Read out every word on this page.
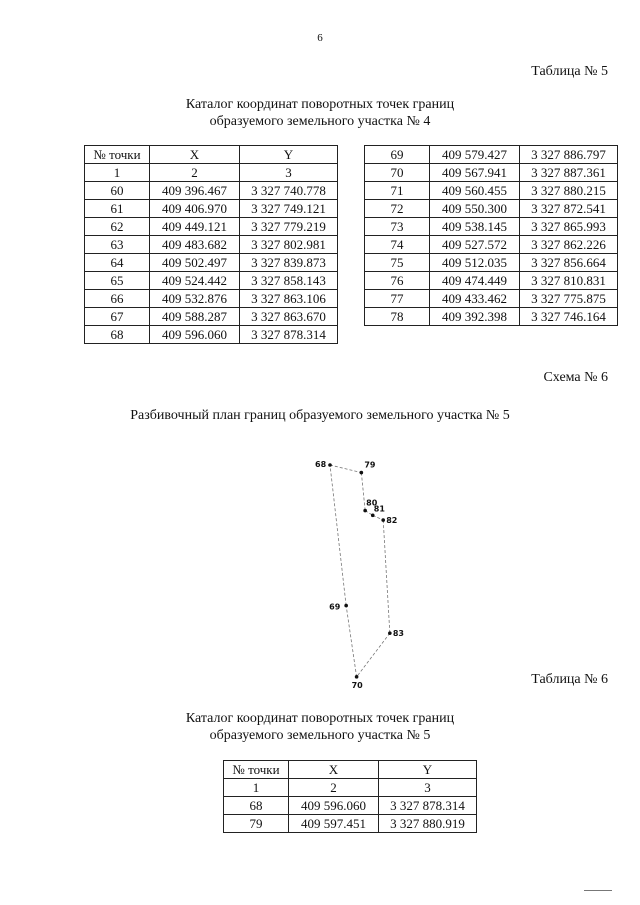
6
Таблица № 5
Каталог координат поворотных точек границ
образуемого земельного участка № 4
№ точки	X	Y
1	2	3
60	409 396.467	3 327 740.778
61	409 406.970	3 327 749.121
62	409 449.121	3 327 779.219
63	409 483.682	3 327 802.981
64	409 502.497	3 327 839.873
65	409 524.442	3 327 858.143
66	409 532.876	3 327 863.106
67	409 588.287	3 327 863.670
68	409 596.060	3 327 878.314
69	409 579.427	3 327 886.797
70	409 567.941	3 327 887.361
71	409 560.455	3 327 880.215
72	409 550.300	3 327 872.541
73	409 538.145	3 327 865.993
74	409 527.572	3 327 862.226
75	409 512.035	3 327 856.664
76	409 474.449	3 327 810.831
77	409 433.462	3 327 775.875
78	409 392.398	3 327 746.164
Схема № 6
Разбивочный план границ образуемого земельного участка № 5
68	79
80
81
82
83
70
69
Таблица № 6
Каталог координат поворотных точек границ
образуемого земельного участка № 5
№ точки	X	Y
1	2	3
68	409 596.060	3 327 878.314
79	409 597.451	3 327 880.919
